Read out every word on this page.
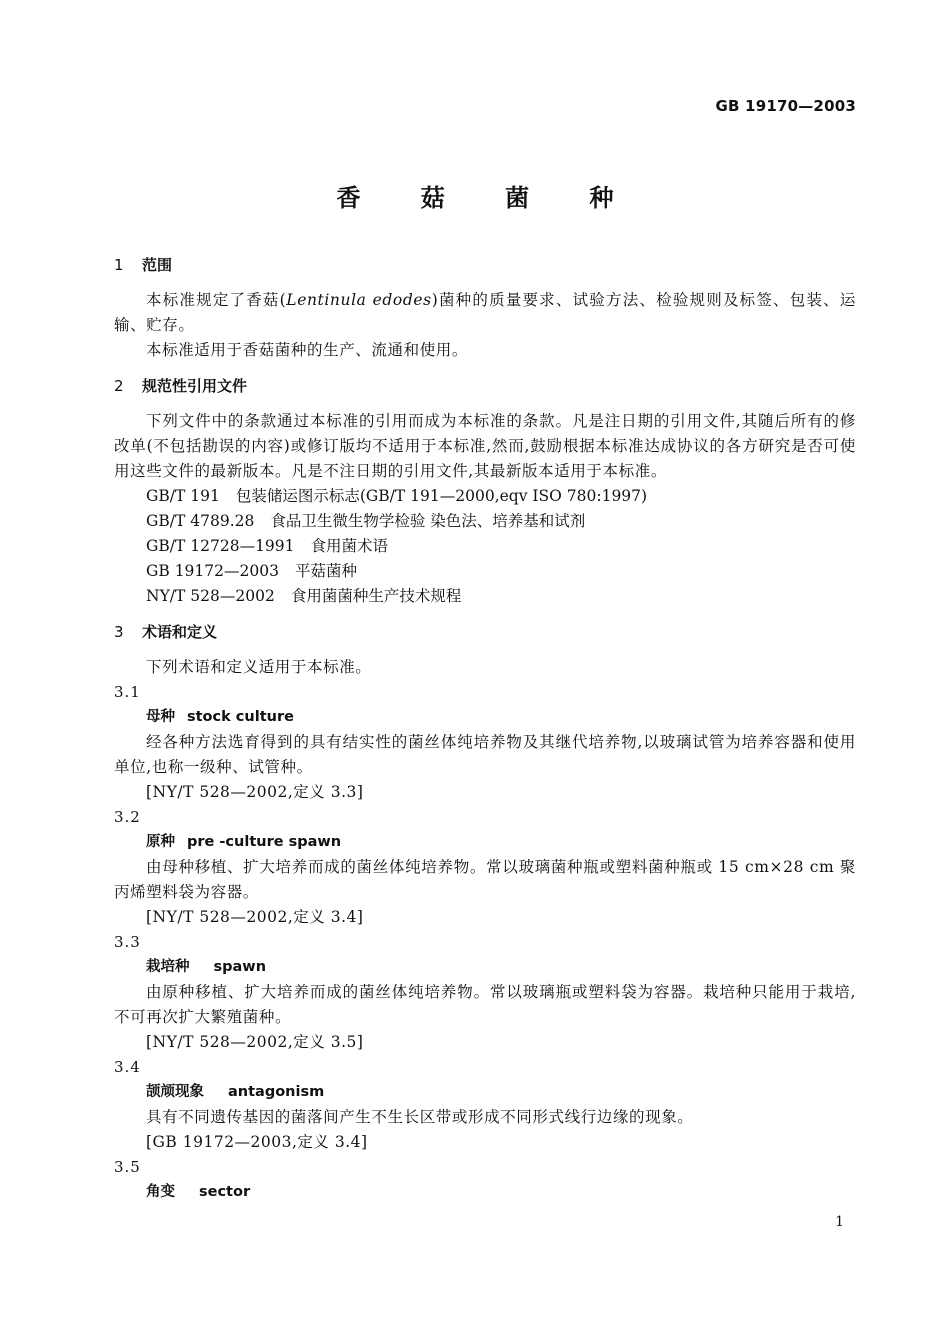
GB 19170—2003
香 菇 菌 种
1 范围
本标准规定了香菇(Lentinula edodes)菌种的质量要求、试验方法、检验规则及标签、包装、运输、贮存。
本标准适用于香菇菌种的生产、流通和使用。
2 规范性引用文件
下列文件中的条款通过本标准的引用而成为本标准的条款。凡是注日期的引用文件,其随后所有的修改单(不包括勘误的内容)或修订版均不适用于本标准,然而,鼓励根据本标准达成协议的各方研究是否可使用这些文件的最新版本。凡是不注日期的引用文件,其最新版本适用于本标准。
GB/T 191 包装储运图示标志(GB/T 191—2000,eqv ISO 780:1997)
GB/T 4789.28 食品卫生微生物学检验 染色法、培养基和试剂
GB/T 12728—1991 食用菌术语
GB 19172—2003 平菇菌种
NY/T 528—2002 食用菌菌种生产技术规程
3 术语和定义
下列术语和定义适用于本标准。
3.1
母种 stock culture
经各种方法选育得到的具有结实性的菌丝体纯培养物及其继代培养物,以玻璃试管为培养容器和使用单位,也称一级种、试管种。
[NY/T 528—2002,定义 3.3]
3.2
原种 pre -culture spawn
由母种移植、扩大培养而成的菌丝体纯培养物。常以玻璃菌种瓶或塑料菌种瓶或 15 cm×28 cm 聚丙烯塑料袋为容器。
[NY/T 528—2002,定义 3.4]
3.3
栽培种 spawn
由原种移植、扩大培养而成的菌丝体纯培养物。常以玻璃瓶或塑料袋为容器。栽培种只能用于栽培,不可再次扩大繁殖菌种。
[NY/T 528—2002,定义 3.5]
3.4
颉颃现象 antagonism
具有不同遗传基因的菌落间产生不生长区带或形成不同形式线行边缘的现象。
[GB 19172—2003,定义 3.4]
3.5
角变 sector
1
